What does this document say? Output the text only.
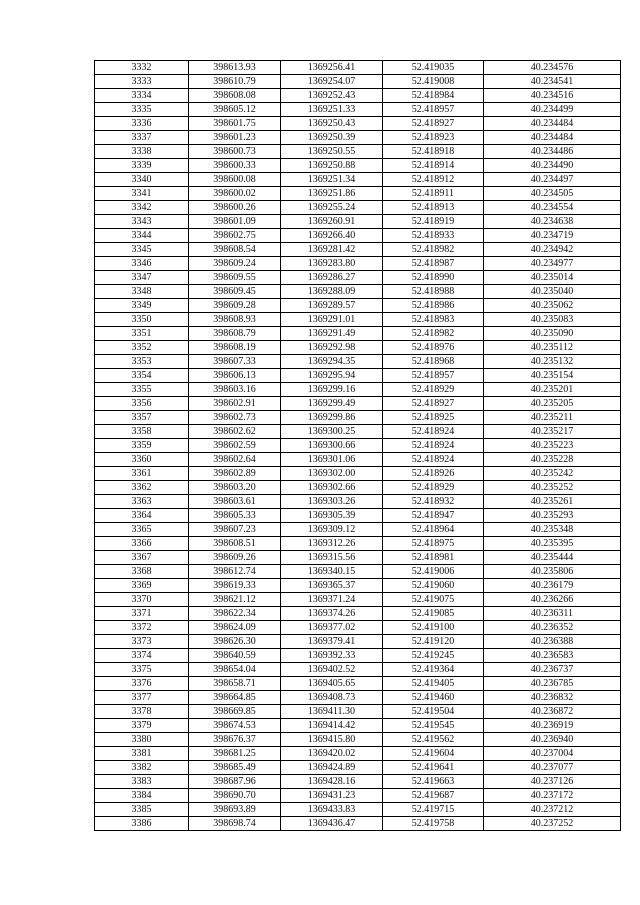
3332	398613.93	1369256.41	52.419035	40.234576
3333	398610.79	1369254.07	52.419008	40.234541
3334	398608.08	1369252.43	52.418984	40.234516
3335	398605.12	1369251.33	52.418957	40.234499
3336	398601.75	1369250.43	52.418927	40.234484
3337	398601.23	1369250.39	52.418923	40.234484
3338	398600.73	1369250.55	52.418918	40.234486
3339	398600.33	1369250.88	52.418914	40.234490
3340	398600.08	1369251.34	52.418912	40.234497
3341	398600.02	1369251.86	52.418911	40.234505
3342	398600.26	1369255.24	52.418913	40.234554
3343	398601.09	1369260.91	52.418919	40.234638
3344	398602.75	1369266.40	52.418933	40.234719
3345	398608.54	1369281.42	52.418982	40.234942
3346	398609.24	1369283.80	52.418987	40.234977
3347	398609.55	1369286.27	52.418990	40.235014
3348	398609.45	1369288.09	52.418988	40.235040
3349	398609.28	1369289.57	52.418986	40.235062
3350	398608.93	1369291.01	52.418983	40.235083
3351	398608.79	1369291.49	52.418982	40.235090
3352	398608.19	1369292.98	52.418976	40.235112
3353	398607.33	1369294.35	52.418968	40.235132
3354	398606.13	1369295.94	52.418957	40.235154
3355	398603.16	1369299.16	52.418929	40.235201
3356	398602.91	1369299.49	52.418927	40.235205
3357	398602.73	1369299.86	52.418925	40.235211
3358	398602.62	1369300.25	52.418924	40.235217
3359	398602.59	1369300.66	52.418924	40.235223
3360	398602.64	1369301.06	52.418924	40.235228
3361	398602.89	1369302.00	52.418926	40.235242
3362	398603.20	1369302.66	52.418929	40.235252
3363	398603.61	1369303.26	52.418932	40.235261
3364	398605.33	1369305.39	52.418947	40.235293
3365	398607.23	1369309.12	52.418964	40.235348
3366	398608.51	1369312.26	52.418975	40.235395
3367	398609.26	1369315.56	52.418981	40.235444
3368	398612.74	1369340.15	52.419006	40.235806
3369	398619.33	1369365.37	52.419060	40.236179
3370	398621.12	1369371.24	52.419075	40.236266
3371	398622.34	1369374.26	52.419085	40.236311
3372	398624.09	1369377.02	52.419100	40.236352
3373	398626.30	1369379.41	52.419120	40.236388
3374	398640.59	1369392.33	52.419245	40.236583
3375	398654.04	1369402.52	52.419364	40.236737
3376	398658.71	1369405.65	52.419405	40.236785
3377	398664.85	1369408.73	52.419460	40.236832
3378	398669.85	1369411.30	52.419504	40.236872
3379	398674.53	1369414.42	52.419545	40.236919
3380	398676.37	1369415.80	52.419562	40.236940
3381	398681.25	1369420.02	52.419604	40.237004
3382	398685.49	1369424.89	52.419641	40.237077
3383	398687.96	1369428.16	52.419663	40.237126
3384	398690.70	1369431.23	52.419687	40.237172
3385	398693.89	1369433.83	52.419715	40.237212
3386	398698.74	1369436.47	52.419758	40.237252
